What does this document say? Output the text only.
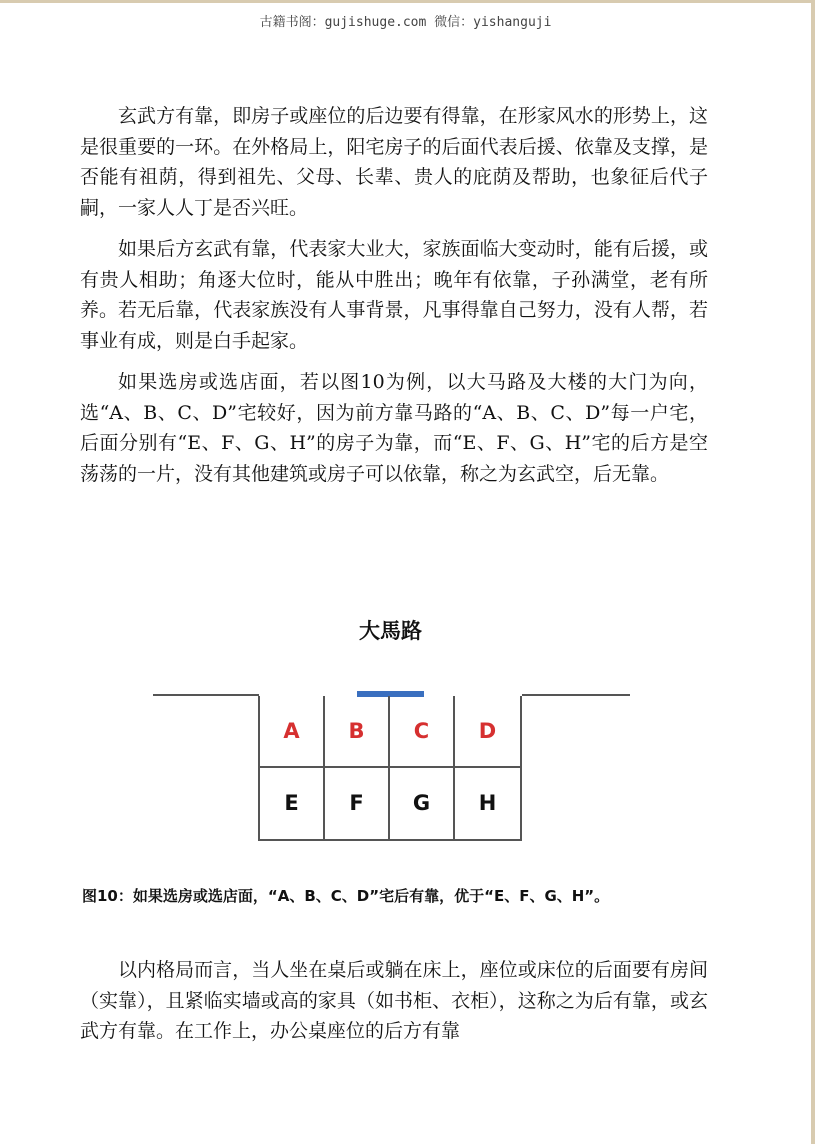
古籍书阁：gujishuge.com 微信：yishanguji

玄武方有靠，即房子或座位的后边要有得靠，在形家风水的形势上，这是很重要的一环。在外格局上，阳宅房子的后面代表后援、依靠及支撑，是否能有祖荫，得到祖先、父母、长辈、贵人的庇荫及帮助，也象征后代子嗣，一家人人丁是否兴旺。

如果后方玄武有靠，代表家大业大，家族面临大变动时，能有后援，或有贵人相助；角逐大位时，能从中胜出；晚年有依靠，子孙满堂，老有所养。若无后靠，代表家族没有人事背景，凡事得靠自己努力，没有人帮，若事业有成，则是白手起家。

如果选房或选店面，若以图10为例，以大马路及大楼的大门为向，选“A、B、C、D”宅较好，因为前方靠马路的“A、B、C、D”每一户宅，后面分别有“E、F、G、H”的房子为靠，而“E、F、G、H”宅的后方是空荡荡的一片，没有其他建筑或房子可以依靠，称之为玄武空，后无靠。

大馬路
A	B	C	D
E	F	G	H
图10：如果选房或选店面，“A、B、C、D”宅后有靠，优于“E、F、G、H”。

以内格局而言，当人坐在桌后或躺在床上，座位或床位的后面要有房间（实靠），且紧临实墙或高的家具（如书柜、衣柜），这称之为后有靠，或玄武方有靠。在工作上，办公桌座位的后方有靠
